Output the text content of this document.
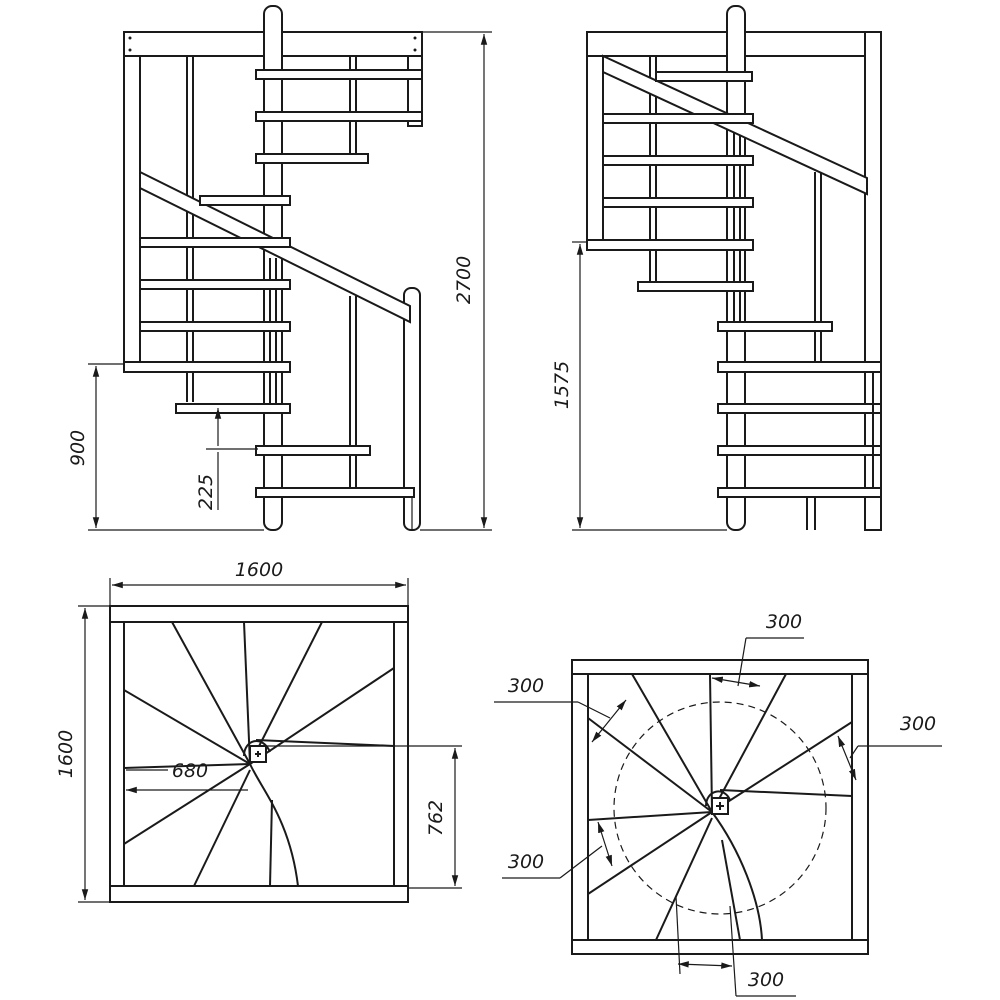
2700
900
225
1575
1600
1600	680
762
300
300
300
300
300
